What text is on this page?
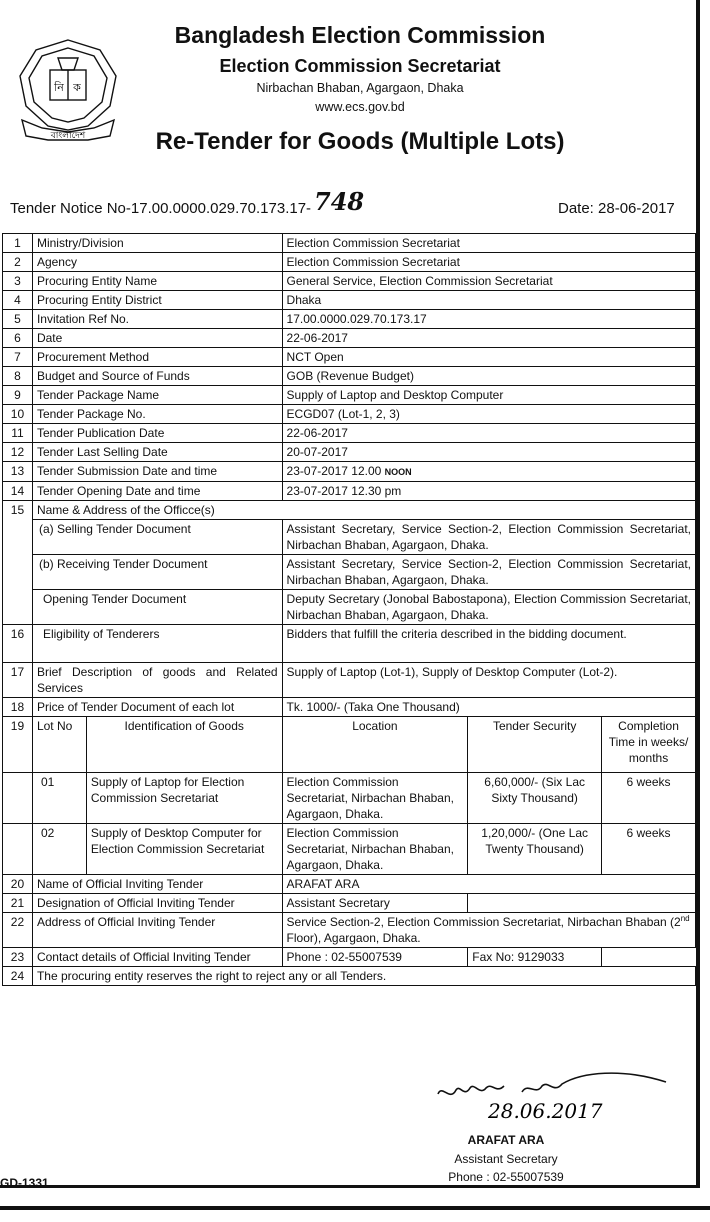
নি ক
বাংলাদেশ
Bangladesh Election Commission
Election Commission Secretariat
Nirbachan Bhaban, Agargaon, Dhaka
www.ecs.gov.bd
Re-Tender for Goods (Multiple Lots)
Tender Notice No-17.00.0000.029.70.173.17- 748	Date: 28-06-2017
1	Ministry/Division		Election Commission Secretariat		
2	Agency		Election Commission Secretariat		
3	Procuring Entity Name		General Service, Election Commission Secretariat		
4	Procuring Entity District		Dhaka		
5	Invitation Ref No.		17.00.0000.029.70.173.17		
6	Date		22-06-2017		
7	Procurement Method		NCT Open		
8	Budget and Source of Funds		GOB (Revenue Budget)		
9	Tender Package Name		Supply of Laptop and Desktop Computer		
10	Tender Package No.		ECGD07 (Lot-1, 2, 3)		
11	Tender Publication Date		22-06-2017		
12	Tender Last Selling Date		20-07-2017		
13	Tender Submission Date and time		23-07-2017 12.00 NOON		
14	Tender Opening Date and time		23-07-2017 12.30 pm		
15	Name & Address of the Officce(s)				
	(a) Selling Tender Document		Assistant Secretary, Service Section-2, Election Commission Secretariat, Nirbachan Bhaban, Agargaon, Dhaka.		
	(b) Receiving Tender Document		Assistant Secretary, Service Section-2, Election Commission Secretariat, Nirbachan Bhaban, Agargaon, Dhaka.		
	Opening Tender Document		Deputy Secretary (Jonobal Babostapona), Election Commission Secretariat, Nirbachan Bhaban, Agargaon, Dhaka.		
16	Eligibility of Tenderers		Bidders that fulfill the criteria described in the bidding document.		
17	Brief Description of goods and Related Services		Supply of Laptop (Lot-1), Supply of Desktop Computer (Lot-2).		
18	Price of Tender Document of each lot		Tk. 1000/- (Taka One Thousand)		
19	Lot No	Identification of Goods	Location	Tender Security	Completion Time in weeks/ months
	01	Supply of Laptop for Election Commission Secretariat	Election Commission Secretariat, Nirbachan Bhaban, Agargaon, Dhaka.	6,60,000/- (Six Lac Sixty Thousand)	6 weeks
	02	Supply of Desktop Computer for Election Commission Secretariat	Election Commission Secretariat, Nirbachan Bhaban, Agargaon, Dhaka.	1,20,000/- (One Lac Twenty Thousand)	6 weeks
20	Name of Official Inviting Tender		ARAFAT ARA		
21	Designation of Official Inviting Tender		Assistant Secretary		
22	Address of Official Inviting Tender		Service Section-2, Election Commission Secretariat, Nirbachan Bhaban (2nd Floor), Agargaon, Dhaka.		
23	Contact details of Official Inviting Tender		Phone : 02-55007539	Fax No: 9129033	
24	The procuring entity reserves the right to reject any or all Tenders.				
28.06.2017
ARAFAT ARA
Assistant Secretary
Phone : 02-55007539
GD-1331
